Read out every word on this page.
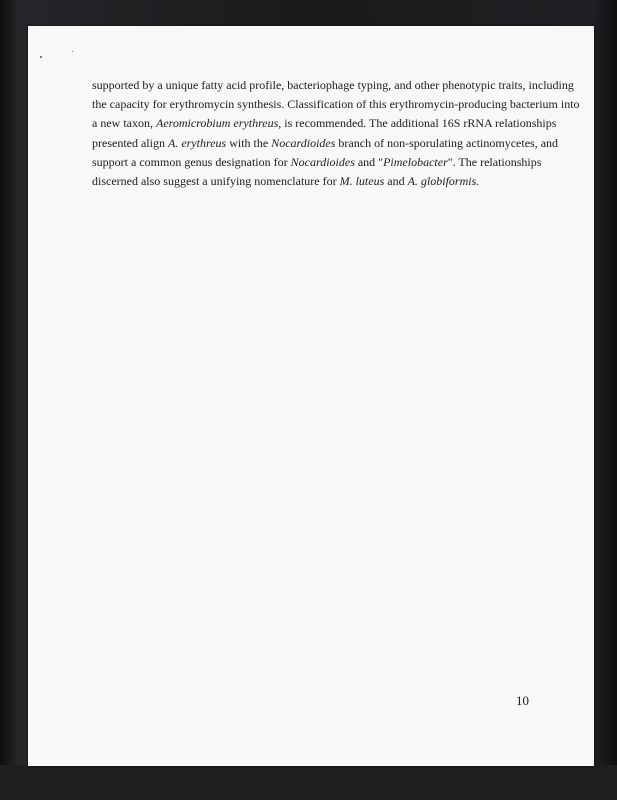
supported by a unique fatty acid profile, bacteriophage typing, and other phenotypic traits, including
the capacity for erythromycin synthesis. Classification of this erythromycin-producing bacterium into
a new taxon, Aeromicrobium erythreus, is recommended. The additional 16S rRNA relationships
presented align A. erythreus with the Nocardioides branch of non-sporulating actinomycetes, and
support a common genus designation for Nocardioides and "Pimelobacter". The relationships
discerned also suggest a unifying nomenclature for M. luteus and A. globiformis.

10
